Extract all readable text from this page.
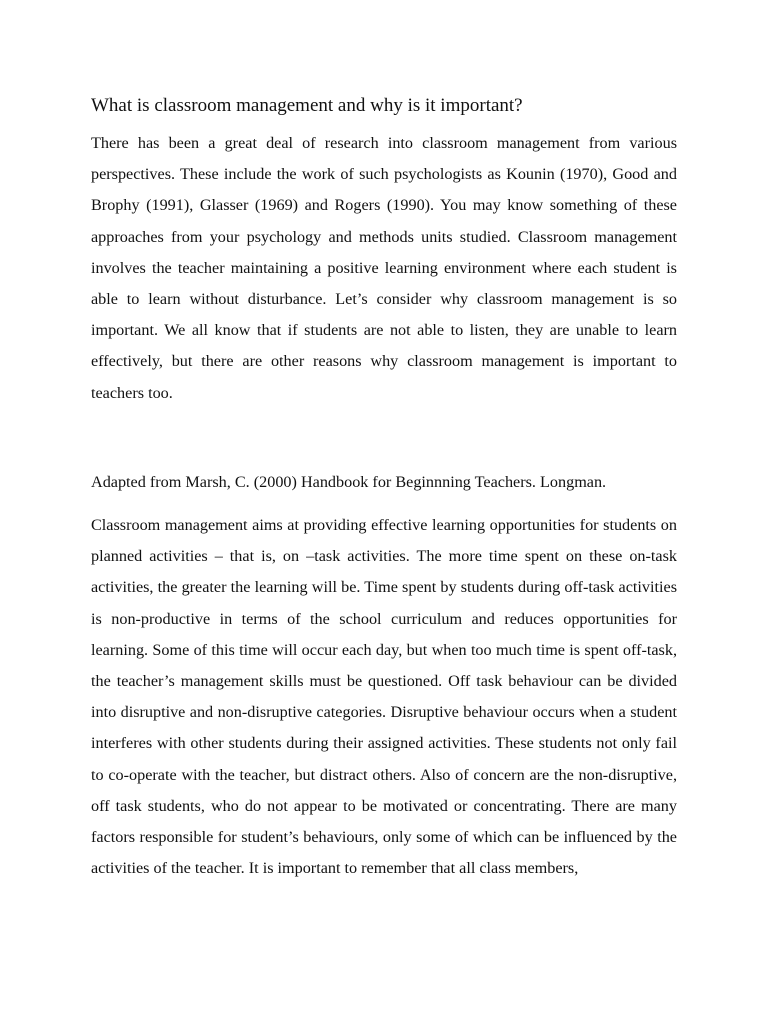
What is classroom management and why is it important?

There has been a great deal of research into classroom management from various perspectives. These include the work of such psychologists as Kounin (1970), Good and Brophy (1991), Glasser (1969) and Rogers (1990). You may know something of these approaches from your psychology and methods units studied. Classroom management involves the teacher maintaining a positive learning environment where each student is able to learn without disturbance. Let’s consider why classroom management is so important. We all know that if students are not able to listen, they are unable to learn effectively, but there are other reasons why classroom management is important to teachers too.

Adapted from Marsh, C. (2000) Handbook for Beginnning Teachers. Longman.

Classroom management aims at providing effective learning opportunities for students on planned activities – that is, on –task activities. The more time spent on these on-task activities, the greater the learning will be. Time spent by students during off-task activities is non-productive in terms of the school curriculum and reduces opportunities for learning. Some of this time will occur each day, but when too much time is spent off-task, the teacher’s management skills must be questioned. Off task behaviour can be divided into disruptive and non-disruptive categories. Disruptive behaviour occurs when a student interferes with other students during their assigned activities. These students not only fail to co-operate with the teacher, but distract others. Also of concern are the non-disruptive, off task students, who do not appear to be motivated or concentrating. There are many factors responsible for student’s behaviours, only some of which can be influenced by the activities of the teacher. It is important to remember that all class members,
